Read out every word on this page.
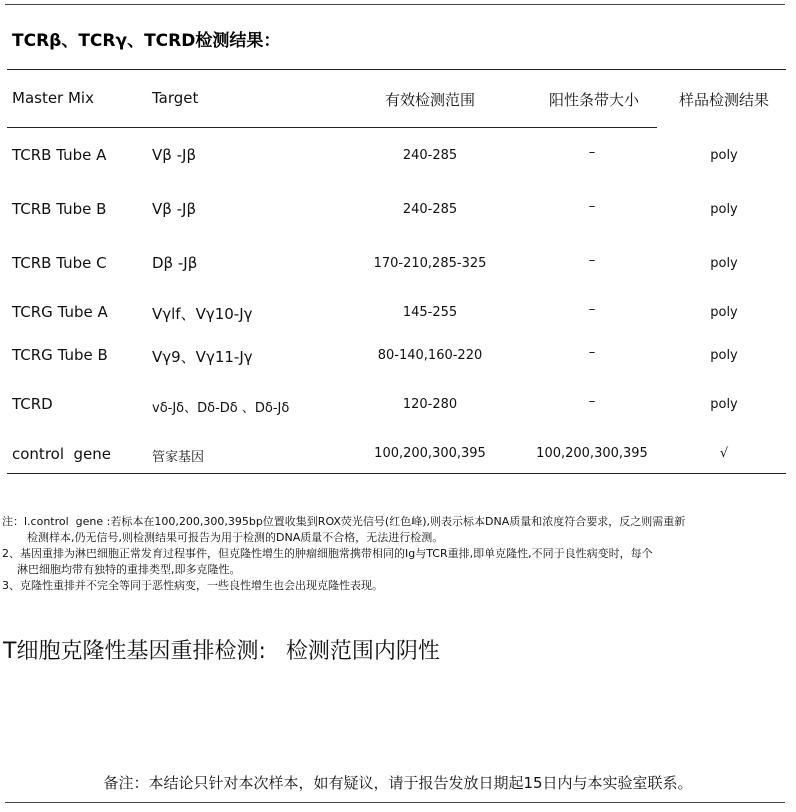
TCRβ、TCRγ、TCRD检测结果：
Master Mix	Target	有效检测范围	阳性条带大小	样品检测结果
TCRB Tube A	Vβ -Jβ	240-285	–	poly
TCRB Tube B	Vβ -Jβ	240-285	–	poly
TCRB Tube C	Dβ -Jβ	170-210,285-325	–	poly
TCRG Tube A	Vγlf、Vγ10-Jγ	145-255	–	poly
TCRG Tube B	Vγ9、Vγ11-Jγ	80-140,160-220	–	poly
TCRD	vδ-Jδ、Dδ-Dδ 、Dδ-Jδ	120-280	–	poly
control  gene	管家基因	100,200,300,395	100,200,300,395	√
注：l.control  gene :若标本在100,200,300,395bp位置收集到ROX荧光信号(红色峰),则表示标本DNA质量和浓度符合要求，反之则需重新
检测样本,仍无信号,则检测结果可报告为用于检测的DNA质量不合格，无法进行检测。
2、基因重排为淋巴细胞正常发育过程事件，但克隆性增生的肿瘤细胞常携带相同的Ig与TCR重排,即单克隆性,不同于良性病变时，每个
淋巴细胞均带有独特的重排类型,即多克隆性。
3、克隆性重排并不完全等同于恶性病变，一些良性增生也会出现克隆性表现。
T细胞克隆性基因重排检测: 检测范围内阴性
备注：本结论只针对本次样本，如有疑议，请于报告发放日期起15日内与本实验室联系。
